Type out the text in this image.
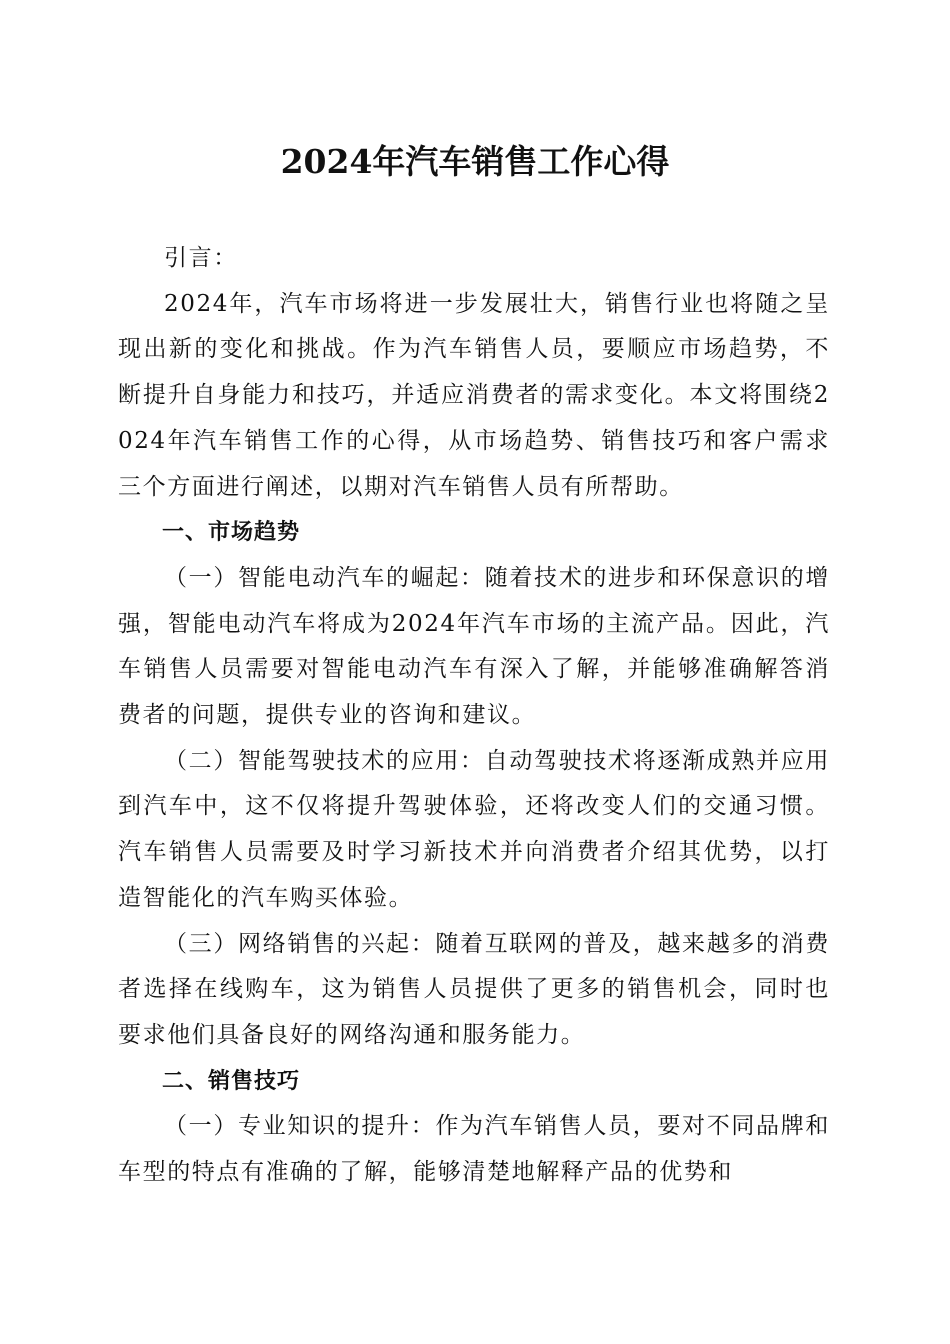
2024年汽车销售工作心得

引言：

2024年，汽车市场将进一步发展壮大，销售行业也将随之呈现出新的变化和挑战。作为汽车销售人员，要顺应市场趋势，不断提升自身能力和技巧，并适应消费者的需求变化。本文将围绕2024年汽车销售工作的心得，从市场趋势、销售技巧和客户需求三个方面进行阐述，以期对汽车销售人员有所帮助。

一、市场趋势

（一）智能电动汽车的崛起：随着技术的进步和环保意识的增强，智能电动汽车将成为2024年汽车市场的主流产品。因此，汽车销售人员需要对智能电动汽车有深入了解，并能够准确解答消费者的问题，提供专业的咨询和建议。

（二）智能驾驶技术的应用：自动驾驶技术将逐渐成熟并应用到汽车中，这不仅将提升驾驶体验，还将改变人们的交通习惯。汽车销售人员需要及时学习新技术并向消费者介绍其优势，以打造智能化的汽车购买体验。

（三）网络销售的兴起：随着互联网的普及，越来越多的消费者选择在线购车，这为销售人员提供了更多的销售机会，同时也要求他们具备良好的网络沟通和服务能力。

二、销售技巧

（一）专业知识的提升：作为汽车销售人员，要对不同品牌和车型的特点有准确的了解，能够清楚地解释产品的优势和
